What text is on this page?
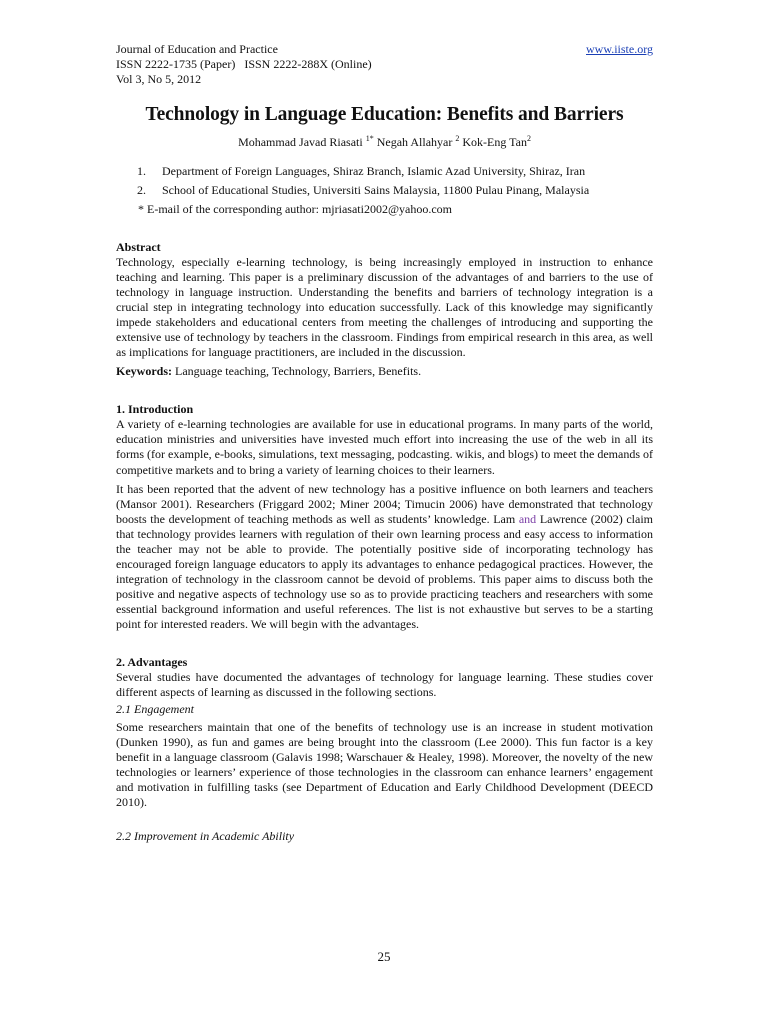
Journal of Education and Practice
ISSN 2222-1735 (Paper)   ISSN 2222-288X (Online)
Vol 3, No 5, 2012
www.iiste.org
Technology in Language Education: Benefits and Barriers
Mohammad Javad Riasati $^{1*}$ Negah Allahyar $^2$ Kok-Eng Tan$^2$
1. Department of Foreign Languages, Shiraz Branch, Islamic Azad University, Shiraz, Iran
2. School of Educational Studies, Universiti Sains Malaysia, 11800 Pulau Pinang, Malaysia
* E-mail of the corresponding author: mjriasati2002@yahoo.com
Abstract
Technology, especially e-learning technology, is being increasingly employed in instruction to enhance teaching and learning. This paper is a preliminary discussion of the advantages of and barriers to the use of technology in language instruction. Understanding the benefits and barriers of technology integration is a crucial step in integrating technology into education successfully. Lack of this knowledge may significantly impede stakeholders and educational centers from meeting the challenges of introducing and supporting the extensive use of technology by teachers in the classroom. Findings from empirical research in this area, as well as implications for language practitioners, are included in the discussion.
Keywords: Language teaching, Technology, Barriers, Benefits.
1. Introduction
A variety of e-learning technologies are available for use in educational programs. In many parts of the world, education ministries and universities have invested much effort into increasing the use of the web in all its forms (for example, e-books, simulations, text messaging, podcasting. wikis, and blogs) to meet the demands of competitive markets and to bring a variety of learning choices to their learners.
It has been reported that the advent of new technology has a positive influence on both learners and teachers (Mansor 2001). Researchers (Friggard 2002; Miner 2004; Timucin 2006) have demonstrated that technology boosts the development of teaching methods as well as students’ knowledge. Lam and Lawrence (2002) claim that technology provides learners with regulation of their own learning process and easy access to information the teacher may not be able to provide. The potentially positive side of incorporating technology has encouraged foreign language educators to apply its advantages to enhance pedagogical practices. However, the integration of technology in the classroom cannot be devoid of problems. This paper aims to discuss both the positive and negative aspects of technology use so as to provide practicing teachers and researchers with some essential background information and useful references. The list is not exhaustive but serves to be a starting point for interested readers. We will begin with the advantages.
2. Advantages
Several studies have documented the advantages of technology for language learning. These studies cover different aspects of learning as discussed in the following sections.
2.1 Engagement
Some researchers maintain that one of the benefits of technology use is an increase in student motivation (Dunken 1990), as fun and games are being brought into the classroom (Lee 2000). This fun factor is a key benefit in a language classroom (Galavis 1998; Warschauer & Healey, 1998). Moreover, the novelty of the new technologies or learners’ experience of those technologies in the classroom can enhance learners’ engagement and motivation in fulfilling tasks (see Department of Education and Early Childhood Development (DEECD 2010).
2.2 Improvement in Academic Ability
25
